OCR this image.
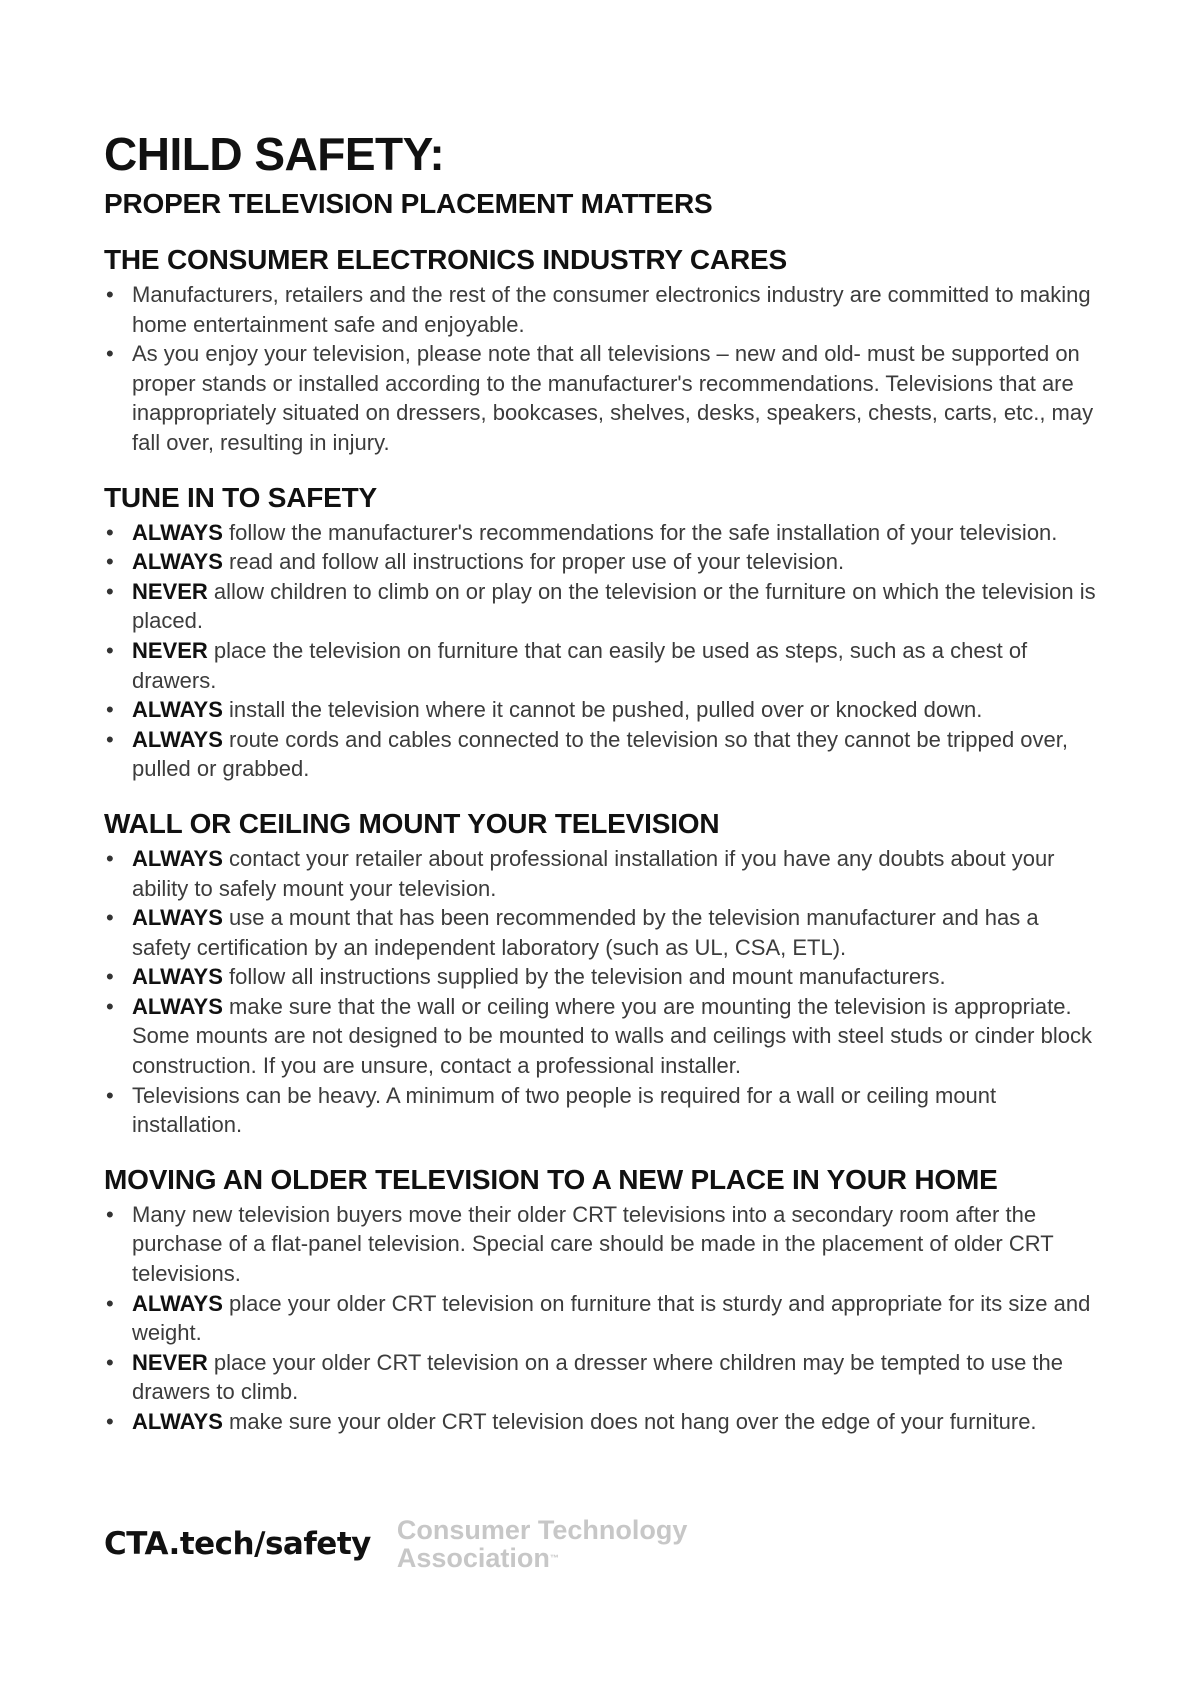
CHILD SAFETY:
PROPER TELEVISION PLACEMENT MATTERS
THE CONSUMER ELECTRONICS INDUSTRY CARES
• Manufacturers, retailers and the rest of the consumer electronics industry are committed to making home entertainment safe and enjoyable.
• As you enjoy your television, please note that all televisions – new and old- must be supported on proper stands or installed according to the manufacturer's recommendations. Televisions that are inappropriately situated on dressers, bookcases, shelves, desks, speakers, chests, carts, etc., may fall over, resulting in injury.
TUNE IN TO SAFETY
• ALWAYS follow the manufacturer's recommendations for the safe installation of your television.
• ALWAYS read and follow all instructions for proper use of your television.
• NEVER allow children to climb on or play on the television or the furniture on which the television is placed.
• NEVER place the television on furniture that can easily be used as steps, such as a chest of drawers.
• ALWAYS install the television where it cannot be pushed, pulled over or knocked down.
• ALWAYS route cords and cables connected to the television so that they cannot be tripped over, pulled or grabbed.
WALL OR CEILING MOUNT YOUR TELEVISION
• ALWAYS contact your retailer about professional installation if you have any doubts about your ability to safely mount your television.
• ALWAYS use a mount that has been recommended by the television manufacturer and has a safety certification by an independent laboratory (such as UL, CSA, ETL).
• ALWAYS follow all instructions supplied by the television and mount manufacturers.
• ALWAYS make sure that the wall or ceiling where you are mounting the television is appropriate. Some mounts are not designed to be mounted to walls and ceilings with steel studs or cinder block construction. If you are unsure, contact a professional installer.
• Televisions can be heavy. A minimum of two people is required for a wall or ceiling mount installation.
MOVING AN OLDER TELEVISION TO A NEW PLACE IN YOUR HOME
• Many new television buyers move their older CRT televisions into a secondary room after the purchase of a flat-panel television. Special care should be made in the placement of older CRT televisions.
• ALWAYS place your older CRT television on furniture that is sturdy and appropriate for its size and weight.
• NEVER place your older CRT television on a dresser where children may be tempted to use the drawers to climb.
• ALWAYS make sure your older CRT television does not hang over the edge of your furniture.
CTA.tech/safety Consumer Technology
Association™
